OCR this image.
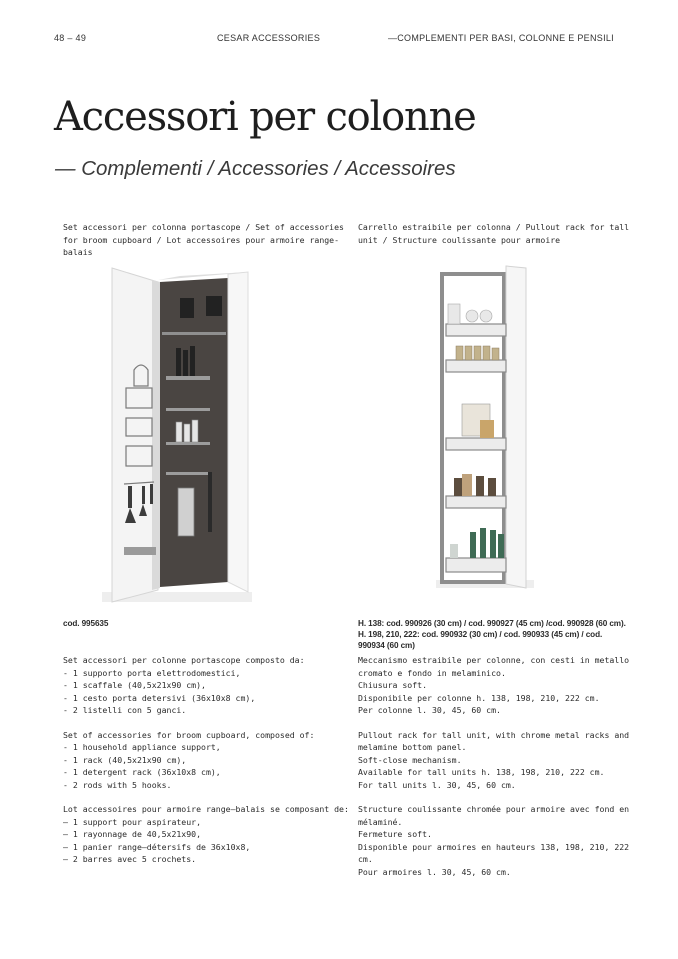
48 – 49	CESAR ACCESSORIES	—COMPLEMENTI PER BASI, COLONNE E PENSILI
Accessori per colonne
— Complementi / Accessories / Accessoires
Set accessori per colonna portascope / Set of accessories for broom cupboard / Lot accessoires pour armoire range-balais
cod. 995635

Set accessori per colonne portascope composto da:
- 1 supporto porta elettrodomestici,
- 1 scaffale (40,5x21x90 cm),
- 1 cesto porta detersivi (36x10x8 cm),
- 2 listelli con 5 ganci.

Set of accessories for broom cupboard, composed of:
- 1 household appliance support,
- 1 rack (40,5x21x90 cm),
- 1 detergent rack (36x10x8 cm),
- 2 rods with 5 hooks.

Lot accessoires pour armoire range–balais se composant de:
– 1 support pour aspirateur,
– 1 rayonnage de 40,5x21x90,
– 1 panier range–détersifs de 36x10x8,
– 2 barres avec 5 crochets.

Carrello estraibile per colonna / Pullout rack for tall unit / Structure coulissante pour armoire
H. 138: cod. 990926 (30 cm) / cod. 990927 (45 cm) /cod. 990928 (60 cm). H. 198, 210, 222: cod. 990932 (30 cm) / cod. 990933 (45 cm) / cod. 990934 (60 cm)

Meccanismo estraibile per colonne, con cesti in metallo cromato e fondo in melaminico.
Chiusura soft.
Disponibile per colonne h. 138, 198, 210, 222 cm.
Per colonne l. 30, 45, 60 cm.

Pullout rack for tall unit, with chrome metal racks and melamine bottom panel.
Soft-close mechanism.
Available for tall units h. 138, 198, 210, 222 cm.
For tall units l. 30, 45, 60 cm.

Structure coulissante chromée pour armoire avec fond en mélaminé.
Fermeture soft.
Disponible pour armoires en hauteurs 138, 198, 210, 222 cm.
Pour armoires l. 30, 45, 60 cm.
